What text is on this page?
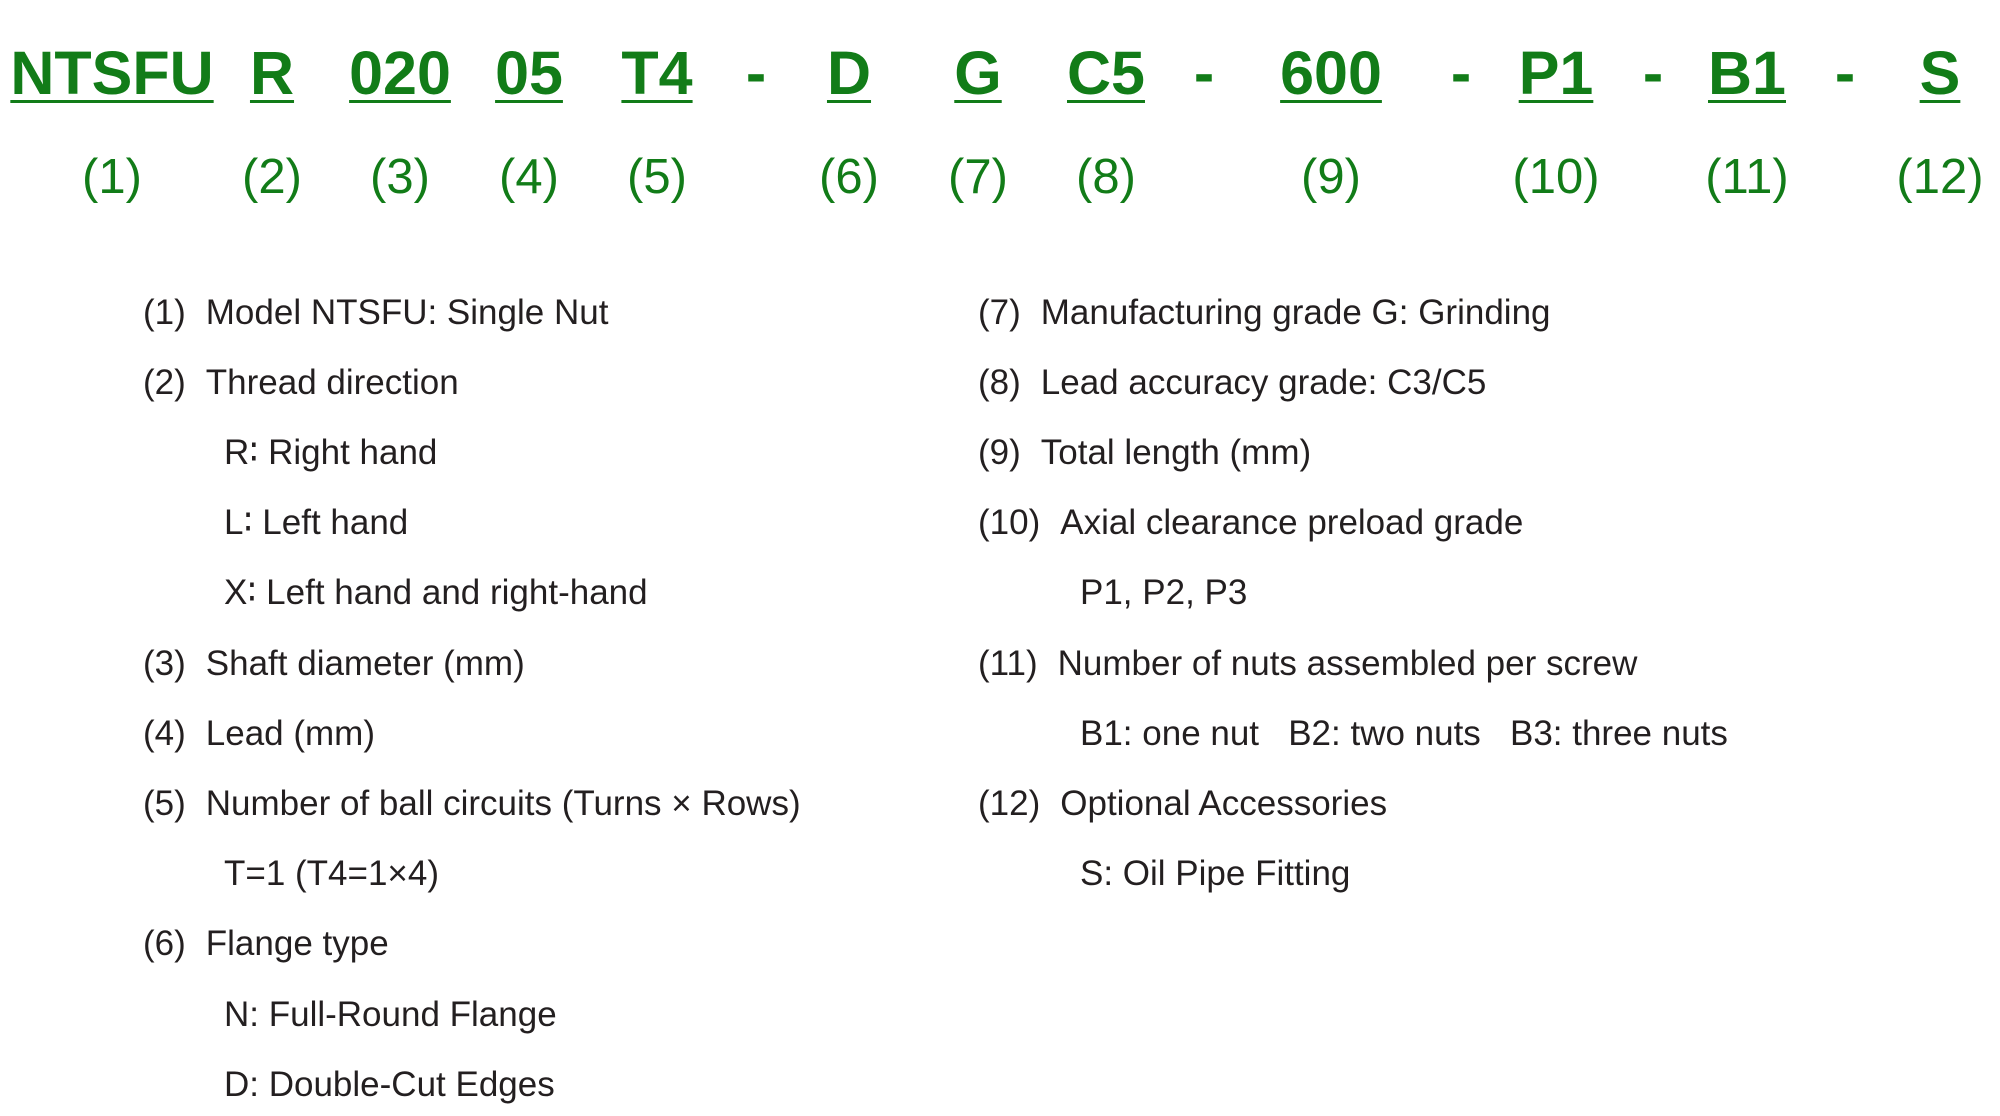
NTSFU R 020 05 T4 - D G C5 - 600 - P1 - B1 - S
(1) (2) (3) (4) (5)	(6) (7) (8)	(9)	(10) (11) (12)
(1) Model NTSFU: Single Nut
(2) Thread direction
R∶ Right hand
L∶ Left hand
X∶ Left hand and right-hand
(3) Shaft diameter (mm)
(4) Lead (mm)
(5) Number of ball circuits (Turns × Rows)
T=1 (T4=1×4)
(6) Flange type
N: Full-Round Flange
D: Double-Cut Edges
(7) Manufacturing grade G: Grinding
(8) Lead accuracy grade: C3/C5
(9) Total length (mm)
(10) Axial clearance preload grade
P1, P2, P3
(11) Number of nuts assembled per screw
B1: one nut   B2: two nuts   B3: three nuts
(12) Optional Accessories
S: Oil Pipe Fitting
